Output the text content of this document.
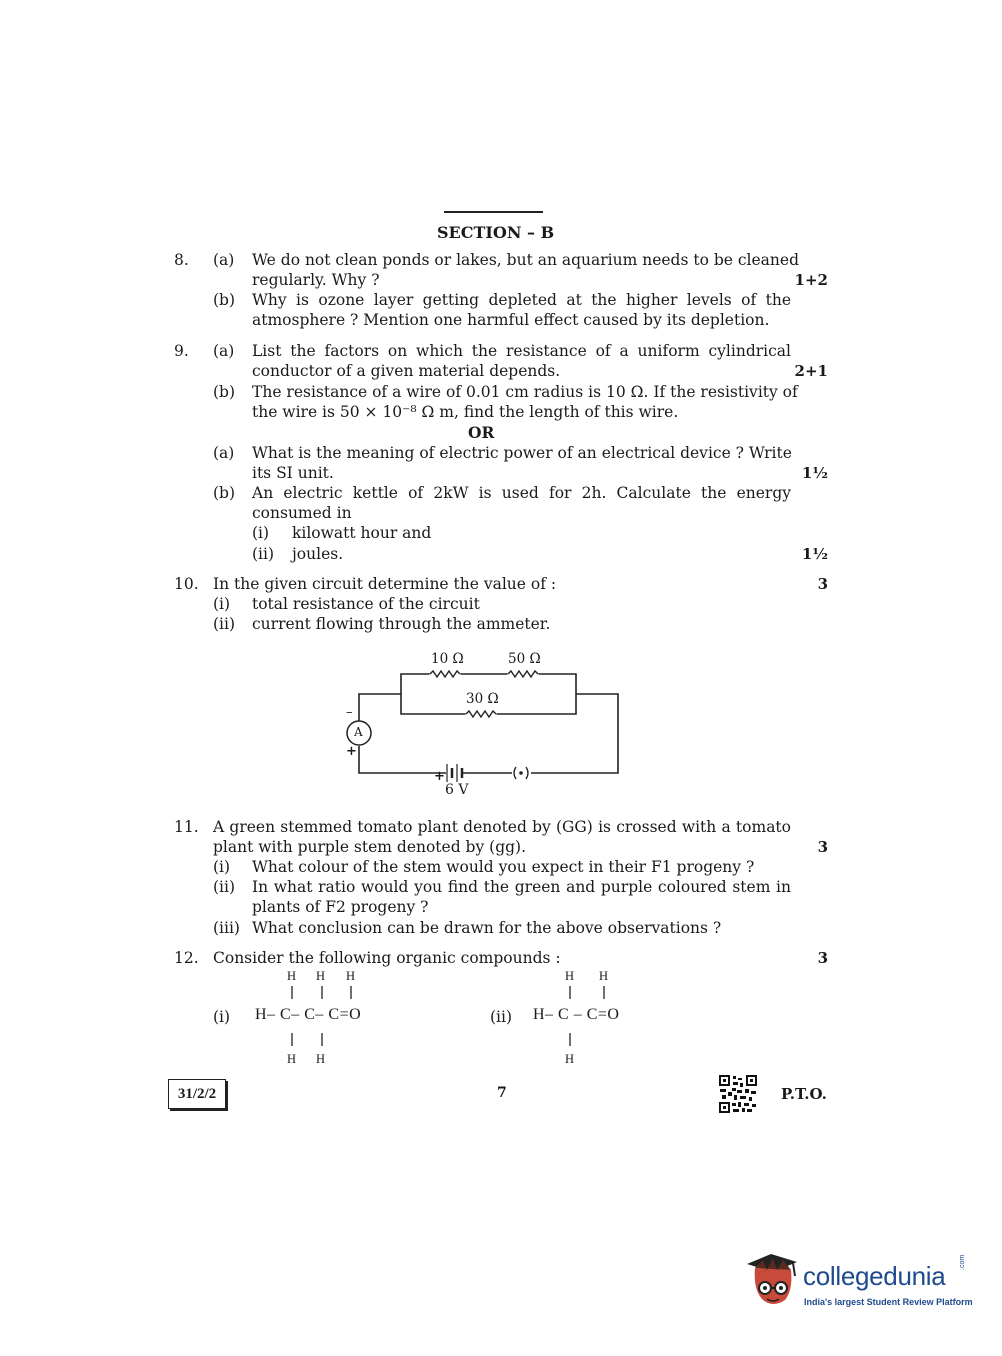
SECTION – B
8. (a) We do not clean ponds or lakes, but an aquarium needs to be cleaned
regularly. Why ?	1+2
(b) Why is ozone layer getting depleted at the higher levels of the
atmosphere ? Mention one harmful effect caused by its depletion.
9. (a) List the factors on which the resistance of a uniform cylindrical
conductor of a given material depends.	2+1
(b) The resistance of a wire of 0.01 cm radius is 10 Ω. If the resistivity of
the wire is 50 × 10⁻⁸ Ω m, find the length of this wire.
OR
(a) What is the meaning of electric power of an electrical device ? Write
its SI unit.	1½
(b) An electric kettle of 2kW is used for 2h. Calculate the energy
consumed in
(i) kilowatt hour and
(ii) joules.	1½
10. In the given circuit determine the value of :	3
(i) total resistance of the circuit
(ii) current flowing through the ammeter.
10 Ω	50 Ω
30 Ω
A
–
+
+
6 V
11. A green stemmed tomato plant denoted by (GG) is crossed with a tomato
plant with purple stem denoted by (gg).	3
(i) What colour of the stem would you expect in their F1 progeny ?
(ii) In what ratio would you find the green and purple coloured stem in
plants of F2 progeny ?
(iii) What conclusion can be drawn for the above observations ?
12. Consider the following organic compounds :	3
H H H
(i) H– C– C– C=O
H H
H H
(ii) H– C – C=O
H
31/2/2	7	P.T.O.
collegedunia .com
India's largest Student Review Platform
